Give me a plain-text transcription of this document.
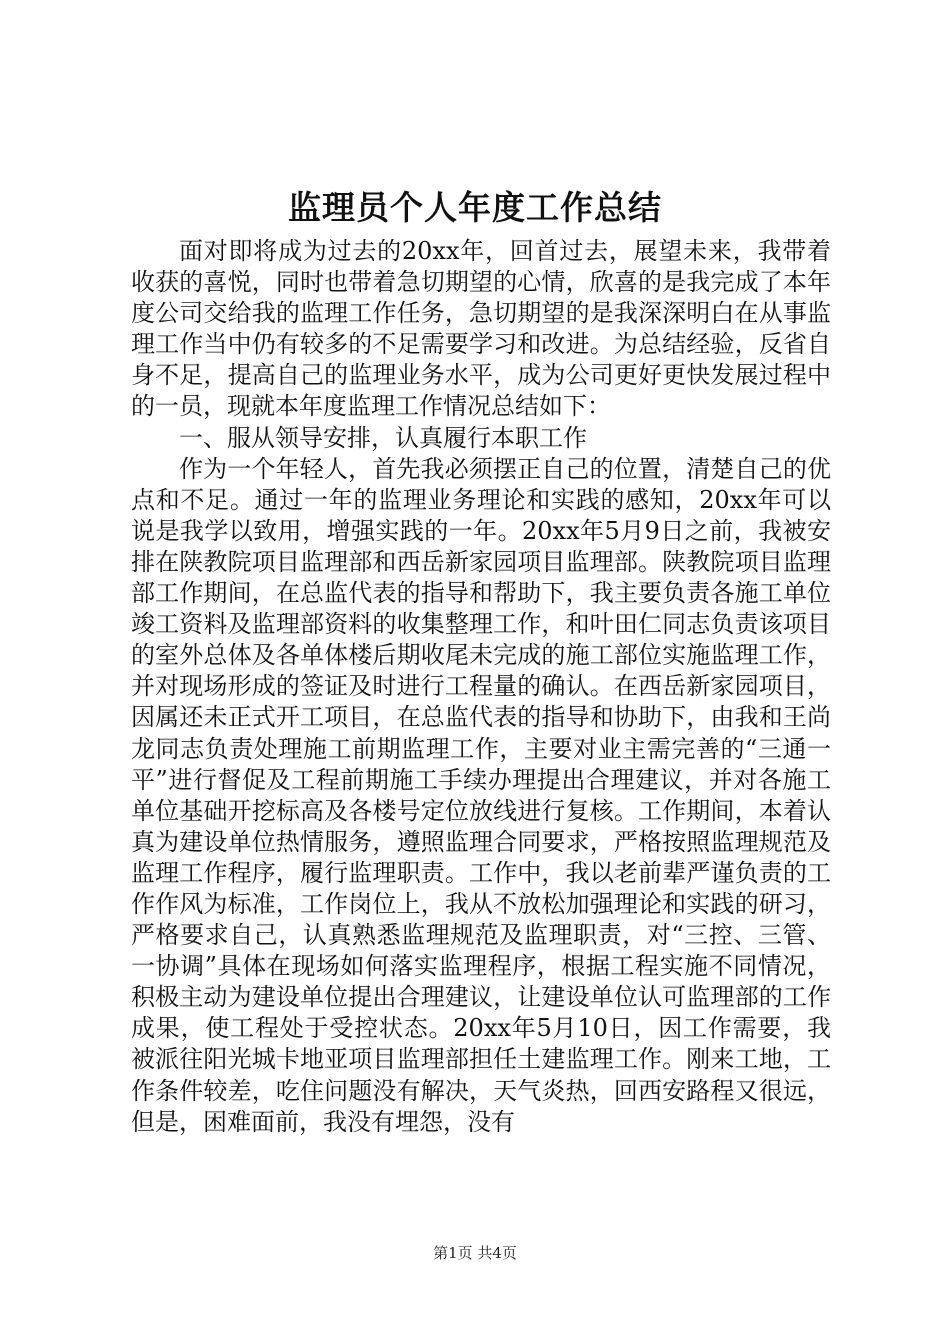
监理员个人年度工作总结

面对即将成为过去的20xx年，回首过去，展望未来，我带着收获的喜悦，同时也带着急切期望的心情，欣喜的是我完成了本年度公司交给我的监理工作任务，急切期望的是我深深明白在从事监理工作当中仍有较多的不足需要学习和改进。为总结经验，反省自身不足，提高自己的监理业务水平，成为公司更好更快发展过程中的一员，现就本年度监理工作情况总结如下：

一、服从领导安排，认真履行本职工作

作为一个年轻人，首先我必须摆正自己的位置，清楚自己的优点和不足。通过一年的监理业务理论和实践的感知，20xx年可以说是我学以致用，增强实践的一年。20xx年5月9日之前，我被安排在陕教院项目监理部和西岳新家园项目监理部。陕教院项目监理部工作期间，在总监代表的指导和帮助下，我主要负责各施工单位竣工资料及监理部资料的收集整理工作，和叶田仁同志负责该项目的室外总体及各单体楼后期收尾未完成的施工部位实施监理工作，并对现场形成的签证及时进行工程量的确认。在西岳新家园项目，因属还未正式开工项目，在总监代表的指导和协助下，由我和王尚龙同志负责处理施工前期监理工作，主要对业主需完善的“三通一平”进行督促及工程前期施工手续办理提出合理建议，并对各施工单位基础开挖标高及各楼号定位放线进行复核。工作期间，本着认真为建设单位热情服务，遵照监理合同要求，严格按照监理规范及监理工作程序，履行监理职责。工作中，我以老前辈严谨负责的工作作风为标准，工作岗位上，我从不放松加强理论和实践的研习，严格要求自己，认真熟悉监理规范及监理职责，对“三控、三管、一协调”具体在现场如何落实监理程序，根据工程实施不同情况，积极主动为建设单位提出合理建议，让建设单位认可监理部的工作成果，使工程处于受控状态。20xx年5月10日，因工作需要，我被派往阳光城卡地亚项目监理部担任土建监理工作。刚来工地，工作条件较差，吃住问题没有解决，天气炎热，回西安路程又很远，但是，困难面前，我没有埋怨，没有

第1页 共4页
